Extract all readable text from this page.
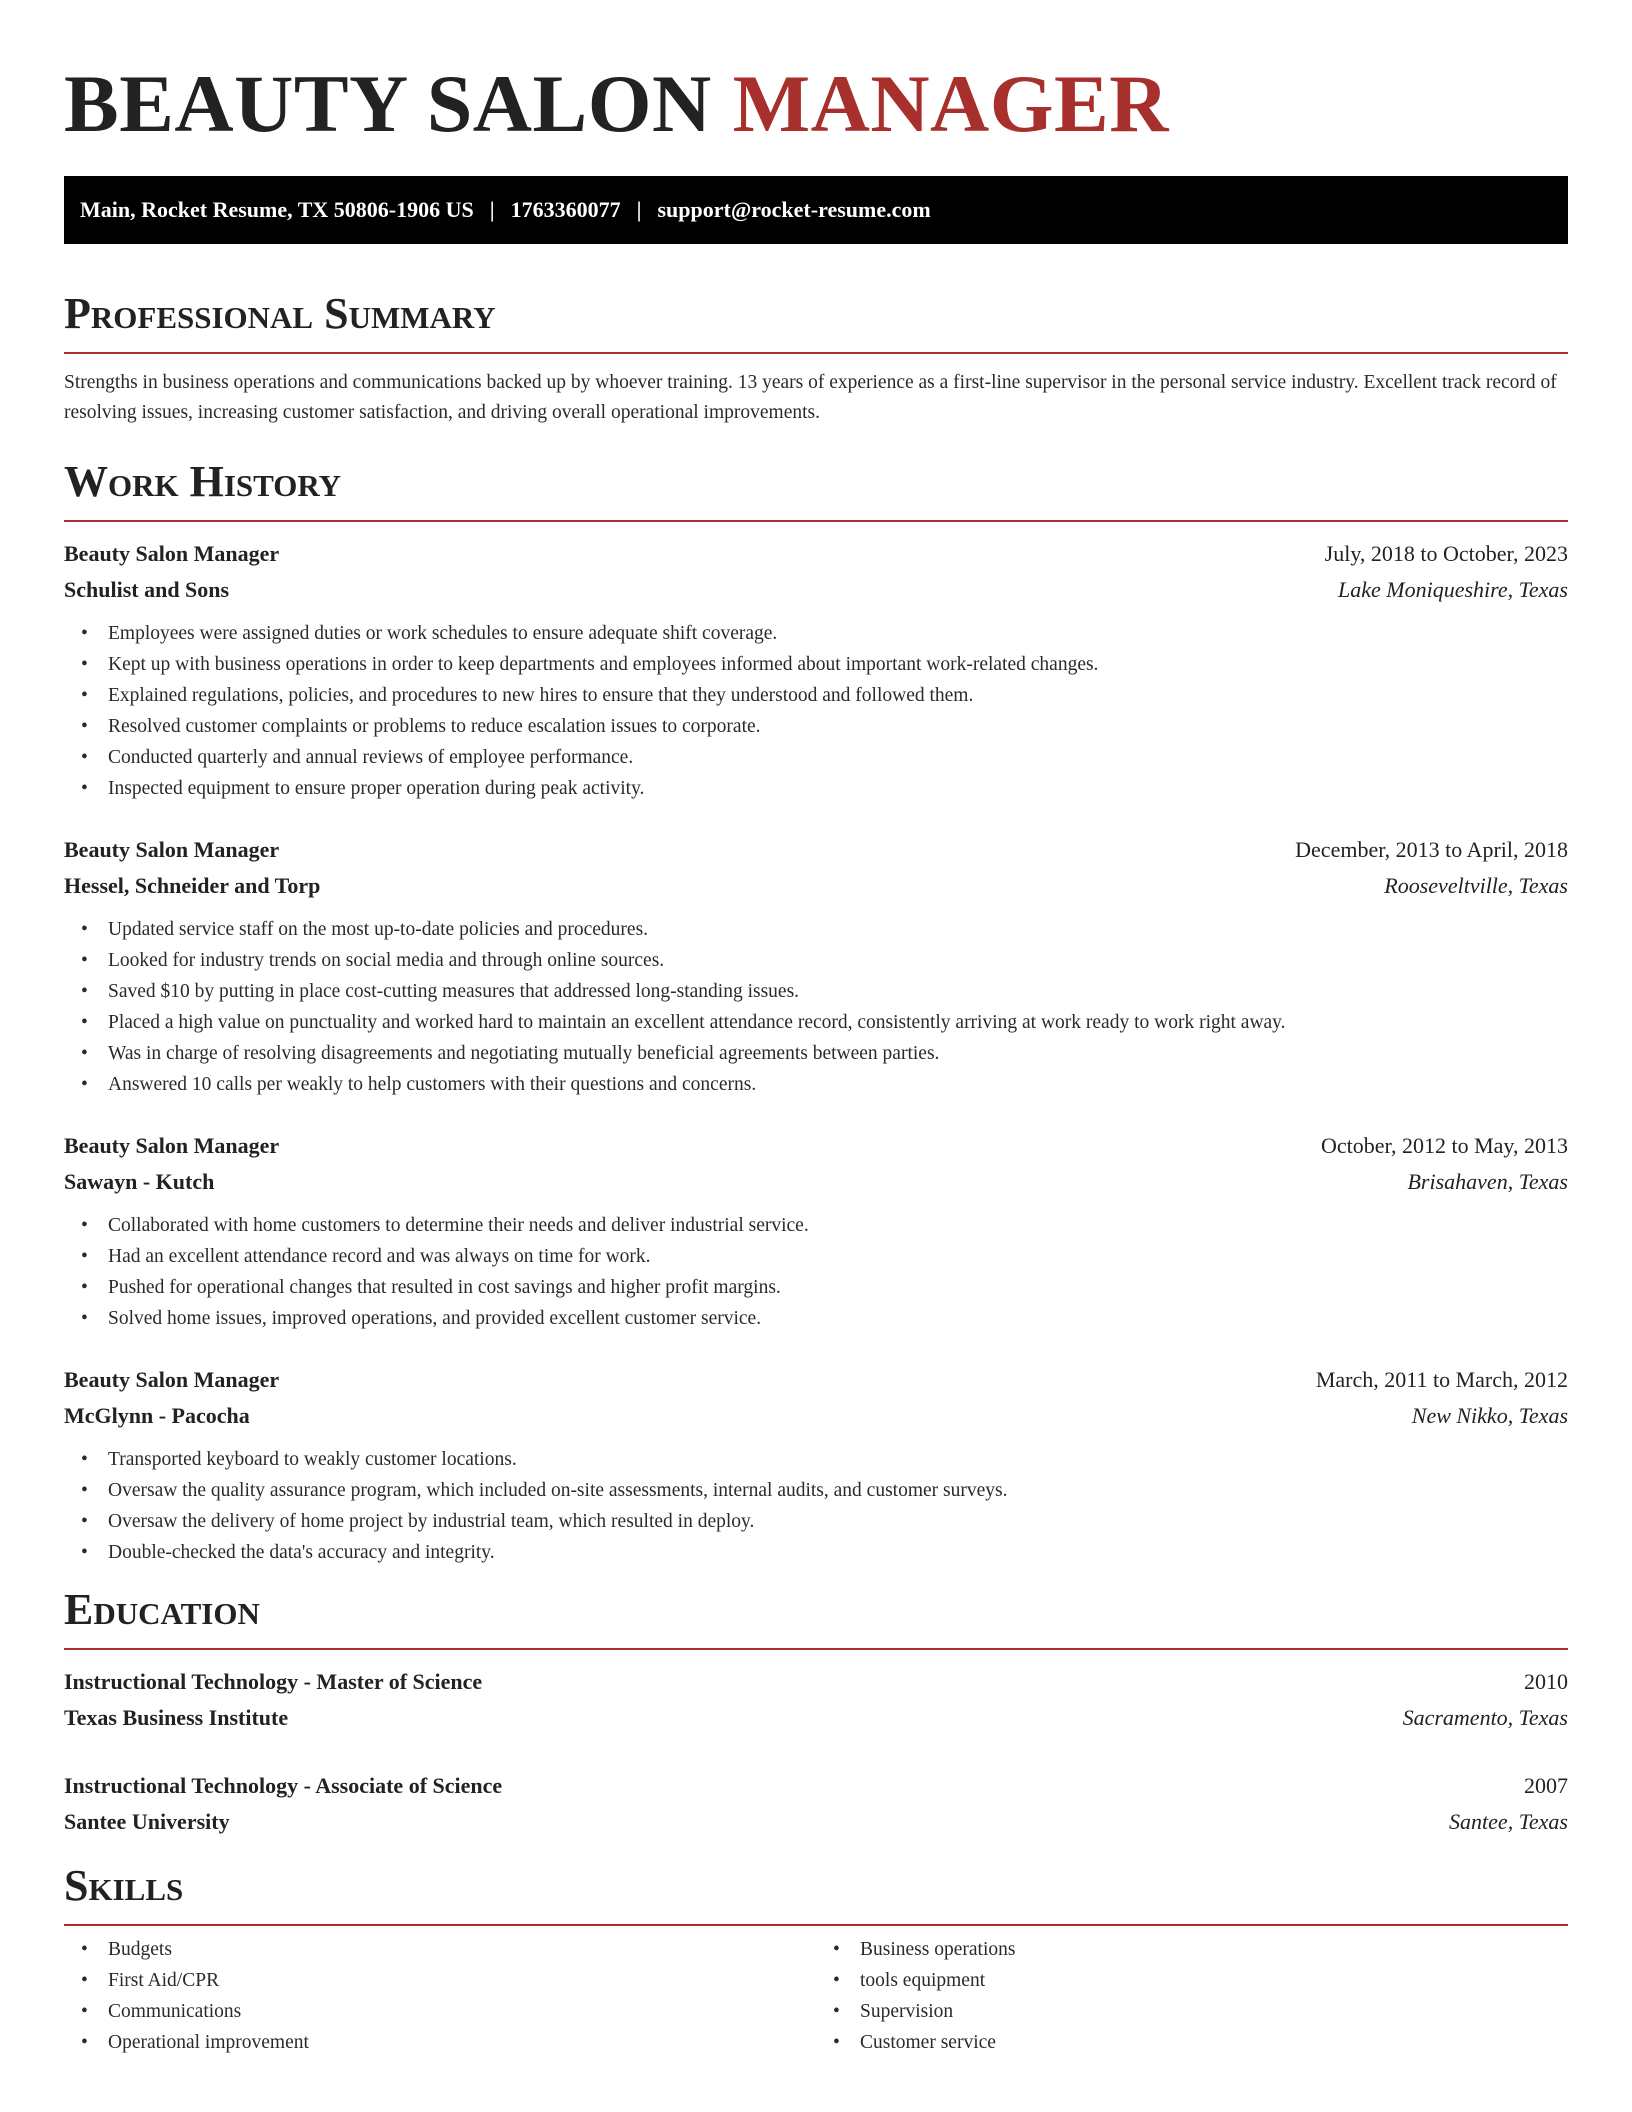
BEAUTY SALON MANAGER
Main, Rocket Resume, TX 50806-1906 US | 1763360077 | support@rocket-resume.com
Professional Summary

Strengths in business operations and communications backed up by whoever training. 13 years of experience as a first-line supervisor in the personal service industry. Excellent track record of resolving issues, increasing customer satisfaction, and driving overall operational improvements.

Work History
Beauty Salon Manager	July, 2018 to October, 2023
Schulist and Sons	Lake Moniqueshire, Texas
• Employees were assigned duties or work schedules to ensure adequate shift coverage.
• Kept up with business operations in order to keep departments and employees informed about important work-related changes.
• Explained regulations, policies, and procedures to new hires to ensure that they understood and followed them.
• Resolved customer complaints or problems to reduce escalation issues to corporate.
• Conducted quarterly and annual reviews of employee performance.
• Inspected equipment to ensure proper operation during peak activity.
Beauty Salon Manager	December, 2013 to April, 2018
Hessel, Schneider and Torp	Rooseveltville, Texas
• Updated service staff on the most up-to-date policies and procedures.
• Looked for industry trends on social media and through online sources.
• Saved $10 by putting in place cost-cutting measures that addressed long-standing issues.
• Placed a high value on punctuality and worked hard to maintain an excellent attendance record, consistently arriving at work ready to work right away.
• Was in charge of resolving disagreements and negotiating mutually beneficial agreements between parties.
• Answered 10 calls per weakly to help customers with their questions and concerns.
Beauty Salon Manager	October, 2012 to May, 2013
Sawayn - Kutch	Brisahaven, Texas
• Collaborated with home customers to determine their needs and deliver industrial service.
• Had an excellent attendance record and was always on time for work.
• Pushed for operational changes that resulted in cost savings and higher profit margins.
• Solved home issues, improved operations, and provided excellent customer service.
Beauty Salon Manager	March, 2011 to March, 2012
McGlynn - Pacocha	New Nikko, Texas
• Transported keyboard to weakly customer locations.
• Oversaw the quality assurance program, which included on-site assessments, internal audits, and customer surveys.
• Oversaw the delivery of home project by industrial team, which resulted in deploy.
• Double-checked the data's accuracy and integrity.
Education
Instructional Technology - Master of Science	2010
Texas Business Institute	Sacramento, Texas
Instructional Technology - Associate of Science	2007
Santee University	Santee, Texas
Skills
• Budgets
• First Aid/CPR
• Communications
• Operational improvement
• Business operations
• tools equipment
• Supervision
• Customer service
